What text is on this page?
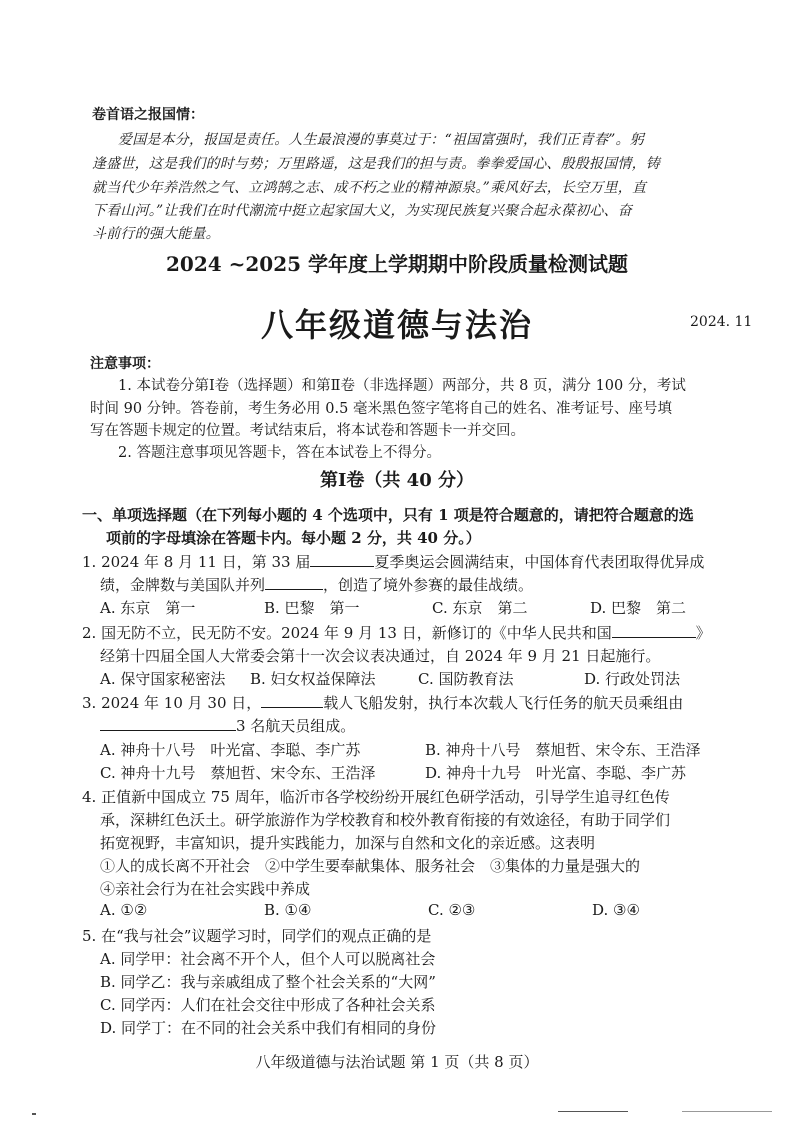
卷首语之报国情：
爱国是本分，报国是责任。人生最浪漫的事莫过于：“祖国富强时，我们正青春”。躬
逢盛世，这是我们的时与势；万里路遥，这是我们的担与责。拳拳爱国心、殷殷报国情，铸
就当代少年养浩然之气、立鸿鹄之志、成不朽之业的精神源泉。”乘风好去，长空万里，直
下看山河。”让我们在时代潮流中挺立起家国大义，为实现民族复兴聚合起永葆初心、奋
斗前行的强大能量。
2024 ~2025 学年度上学期期中阶段质量检测试题
八年级道德与法治	2024. 11
注意事项：
1. 本试卷分第Ⅰ卷（选择题）和第Ⅱ卷（非选择题）两部分，共 8 页，满分 100 分，考试
时间 90 分钟。答卷前，考生务必用 0.5 毫米黑色签字笔将自己的姓名、准考证号、座号填
写在答题卡规定的位置。考试结束后，将本试卷和答题卡一并交回。
2. 答题注意事项见答题卡，答在本试卷上不得分。
第Ⅰ卷（共 40 分）
一、单项选择题（在下列每小题的 4 个选项中，只有 1 项是符合题意的，请把符合题意的选
项前的字母填涂在答题卡内。每小题 2 分，共 40 分。）
1. 2024 年 8 月 11 日，第 33 届	夏季奥运会圆满结束，中国体育代表团取得优异成
绩，金牌数与美国队并列	，创造了境外参赛的最佳战绩。
A. 东京　第一	B. 巴黎　第一	C. 东京　第二	D. 巴黎　第二
2. 国无防不立，民无防不安。2024 年 9 月 13 日，新修订的《中华人民共和国	》
经第十四届全国人大常委会第十一次会议表决通过，自 2024 年 9 月 21 日起施行。
A. 保守国家秘密法 B. 妇女权益保障法	C. 国防教育法	D. 行政处罚法
3. 2024 年 10 月 30 日，	载人飞船发射，执行本次载人飞行任务的航天员乘组由
3 名航天员组成。
A. 神舟十八号　叶光富、李聪、李广苏	B. 神舟十八号　蔡旭哲、宋令东、王浩泽
C. 神舟十九号　蔡旭哲、宋令东、王浩泽	D. 神舟十九号　叶光富、李聪、李广苏
4. 正值新中国成立 75 周年，临沂市各学校纷纷开展红色研学活动，引导学生追寻红色传
承，深耕红色沃土。研学旅游作为学校教育和校外教育衔接的有效途径，有助于同学们
拓宽视野，丰富知识，提升实践能力，加深与自然和文化的亲近感。这表明
①人的成长离不开社会　②中学生要奉献集体、服务社会　③集体的力量是强大的
④亲社会行为在社会实践中养成
A. ①②	B. ①④	C. ②③	D. ③④
5. 在“我与社会”议题学习时，同学们的观点正确的是
A. 同学甲：社会离不开个人，但个人可以脱离社会
B. 同学乙：我与亲戚组成了整个社会关系的“大网”
C. 同学丙：人们在社会交往中形成了各种社会关系
D. 同学丁：在不同的社会关系中我们有相同的身份
八年级道德与法治试题 第 1 页（共 8 页）
